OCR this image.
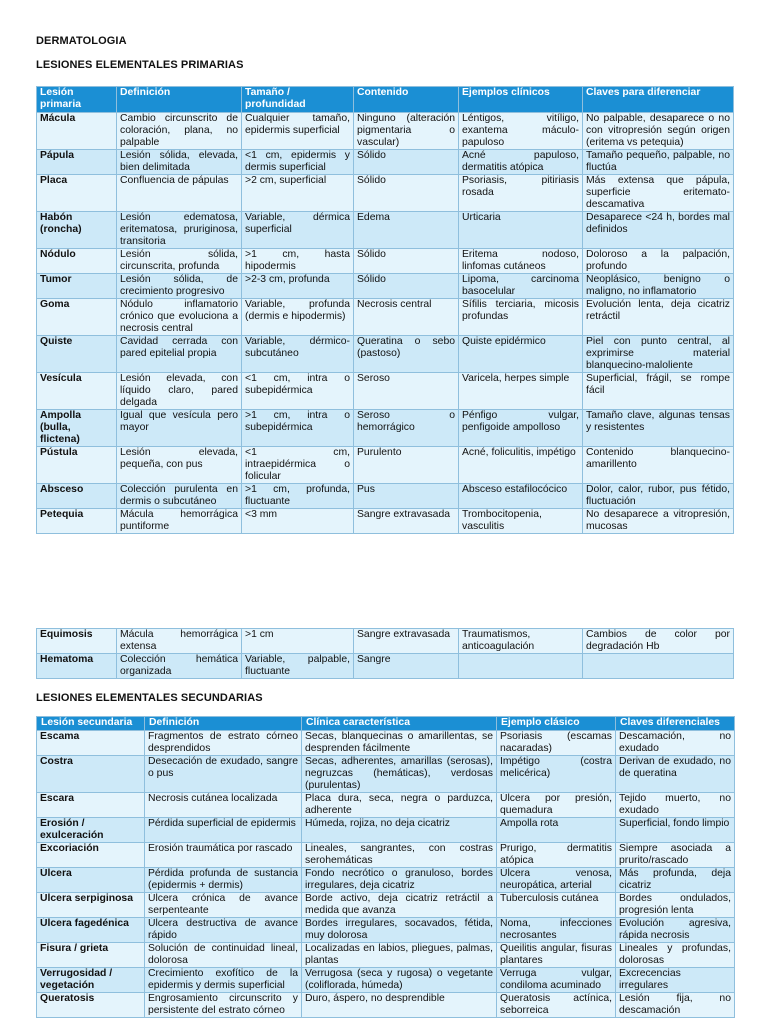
DERMATOLOGIA

LESIONES ELEMENTALES PRIMARIAS

Lesión primaria	Definición	Tamaño / profundidad	Contenido	Ejemplos clínicos	Claves para diferenciar
Mácula	Cambio circunscrito de coloración, plana, no palpable	Cualquier tamaño, epidermis superficial	Ninguno (alteración pigmentaria o vascular)	Léntigos, vitíligo, exantema máculo-papuloso	No palpable, desaparece o no con vitropresión según origen (eritema vs petequia)
Pápula	Lesión sólida, elevada, bien delimitada	<1 cm, epidermis y dermis superficial	Sólido	Acné papuloso, dermatitis atópica	Tamaño pequeño, palpable, no fluctúa
Placa	Confluencia de pápulas	>2 cm, superficial	Sólido	Psoriasis, pitiriasis rosada	Más extensa que pápula, superficie eritemato-descamativa
Habón (roncha)	Lesión edematosa, eritematosa, pruriginosa, transitoria	Variable, dérmica superficial	Edema	Urticaria	Desaparece <24 h, bordes mal definidos
Nódulo	Lesión sólida, circunscrita, profunda	>1 cm, hasta hipodermis	Sólido	Eritema nodoso, linfomas cutáneos	Doloroso a la palpación, profundo
Tumor	Lesión sólida, de crecimiento progresivo	>2-3 cm, profunda	Sólido	Lipoma, carcinoma basocelular	Neoplásico, benigno o maligno, no inflamatorio
Goma	Nódulo inflamatorio crónico que evoluciona a necrosis central	Variable, profunda (dermis e hipodermis)	Necrosis central	Sífilis terciaria, micosis profundas	Evolución lenta, deja cicatriz retráctil
Quiste	Cavidad cerrada con pared epitelial propia	Variable, dérmico-subcutáneo	Queratina o sebo (pastoso)	Quiste epidérmico	Piel con punto central, al exprimirse material blanquecino-maloliente
Vesícula	Lesión elevada, con líquido claro, pared delgada	<1 cm, intra o subepidérmica	Seroso	Varicela, herpes simple	Superficial, frágil, se rompe fácil
Ampolla (bulla, flictena)	Igual que vesícula pero mayor	>1 cm, intra o subepidérmica	Seroso o hemorrágico	Pénfigo vulgar, penfigoide ampolloso	Tamaño clave, algunas tensas y resistentes
Pústula	Lesión elevada, pequeña, con pus	<1 cm, intraepidérmica o folicular	Purulento	Acné, foliculitis, impétigo	Contenido blanquecino-amarillento
Absceso	Colección purulenta en dermis o subcutáneo	>1 cm, profunda, fluctuante	Pus	Absceso estafilocócico	Dolor, calor, rubor, pus fétido, fluctuación
Petequia	Mácula hemorrágica puntiforme	<3 mm	Sangre extravasada	Trombocitopenia, vasculitis	No desaparece a vitropresión, mucosas
Equimosis	Mácula hemorrágica extensa	>1 cm	Sangre extravasada	Traumatismos, anticoagulación	Cambios de color por degradación Hb
Hematoma	Colección hemática organizada	Variable, palpable, fluctuante	Sangre		

LESIONES ELEMENTALES SECUNDARIAS

Lesión secundaria	Definición	Clínica característica	Ejemplo clásico	Claves diferenciales
Escama	Fragmentos de estrato córneo desprendidos	Secas, blanquecinas o amarillentas, se desprenden fácilmente	Psoriasis (escamas nacaradas)	Descamación, no exudado
Costra	Desecación de exudado, sangre o pus	Secas, adherentes, amarillas (serosas), negruzcas (hemáticas), verdosas (purulentas)	Impétigo (costra melicérica)	Derivan de exudado, no de queratina
Escara	Necrosis cutánea localizada	Placa dura, seca, negra o parduzca, adherente	Úlcera por presión, quemadura	Tejido muerto, no exudado
Erosión / exulceración	Pérdida superficial de epidermis	Húmeda, rojiza, no deja cicatriz	Ampolla rota	Superficial, fondo limpio
Excoriación	Erosión traumática por rascado	Lineales, sangrantes, con costras serohemáticas	Prurigo, dermatitis atópica	Siempre asociada a prurito/rascado
Úlcera	Pérdida profunda de sustancia (epidermis + dermis)	Fondo necrótico o granuloso, bordes irregulares, deja cicatriz	Úlcera venosa, neuropática, arterial	Más profunda, deja cicatriz
Úlcera serpiginosa	Úlcera crónica de avance serpenteante	Borde activo, deja cicatriz retráctil a medida que avanza	Tuberculosis cutánea	Bordes ondulados, progresión lenta
Úlcera fagedénica	Úlcera destructiva de avance rápido	Bordes irregulares, socavados, fétida, muy dolorosa	Noma, infecciones necrosantes	Evolución agresiva, rápida necrosis
Fisura / grieta	Solución de continuidad lineal, dolorosa	Localizadas en labios, pliegues, palmas, plantas	Queilitis angular, fisuras plantares	Lineales y profundas, dolorosas
Verrugosidad / vegetación	Crecimiento exofítico de la epidermis y dermis superficial	Verrugosa (seca y rugosa) o vegetante (coliflorada, húmeda)	Verruga vulgar, condiloma acuminado	Excrecencias irregulares
Queratosis	Engrosamiento circunscrito y persistente del estrato córneo	Duro, áspero, no desprendible	Queratosis actínica, seborreica	Lesión fija, no descamación
